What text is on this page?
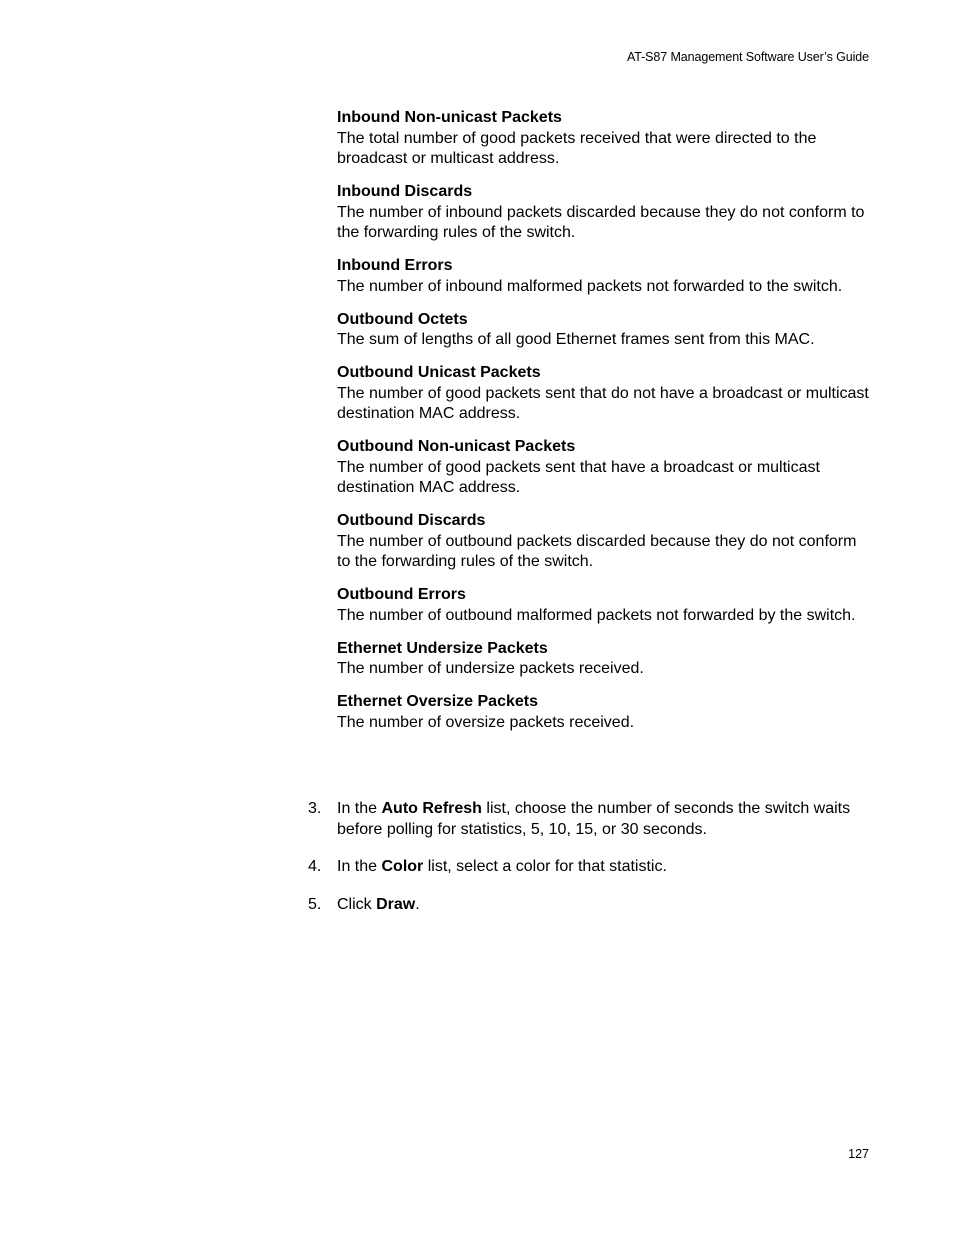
AT-S87 Management Software User’s Guide
Inbound Non-unicast Packets
The total number of good packets received that were directed to the broadcast or multicast address.
Inbound Discards
The number of inbound packets discarded because they do not conform to the forwarding rules of the switch.
Inbound Errors
The number of inbound malformed packets not forwarded to the switch.
Outbound Octets
The sum of lengths of all good Ethernet frames sent from this MAC.
Outbound Unicast Packets
The number of good packets sent that do not have a broadcast or multicast destination MAC address.
Outbound Non-unicast Packets
The number of good packets sent that have a broadcast or multicast destination MAC address.
Outbound Discards
The number of outbound packets discarded because they do not conform to the forwarding rules of the switch.
Outbound Errors
The number of outbound malformed packets not forwarded by the switch.
Ethernet Undersize Packets
The number of undersize packets received.
Ethernet Oversize Packets
The number of oversize packets received.
3. In the Auto Refresh list, choose the number of seconds the switch waits before polling for statistics, 5, 10, 15, or 30 seconds.
4. In the Color list, select a color for that statistic.
5. Click Draw.
127
